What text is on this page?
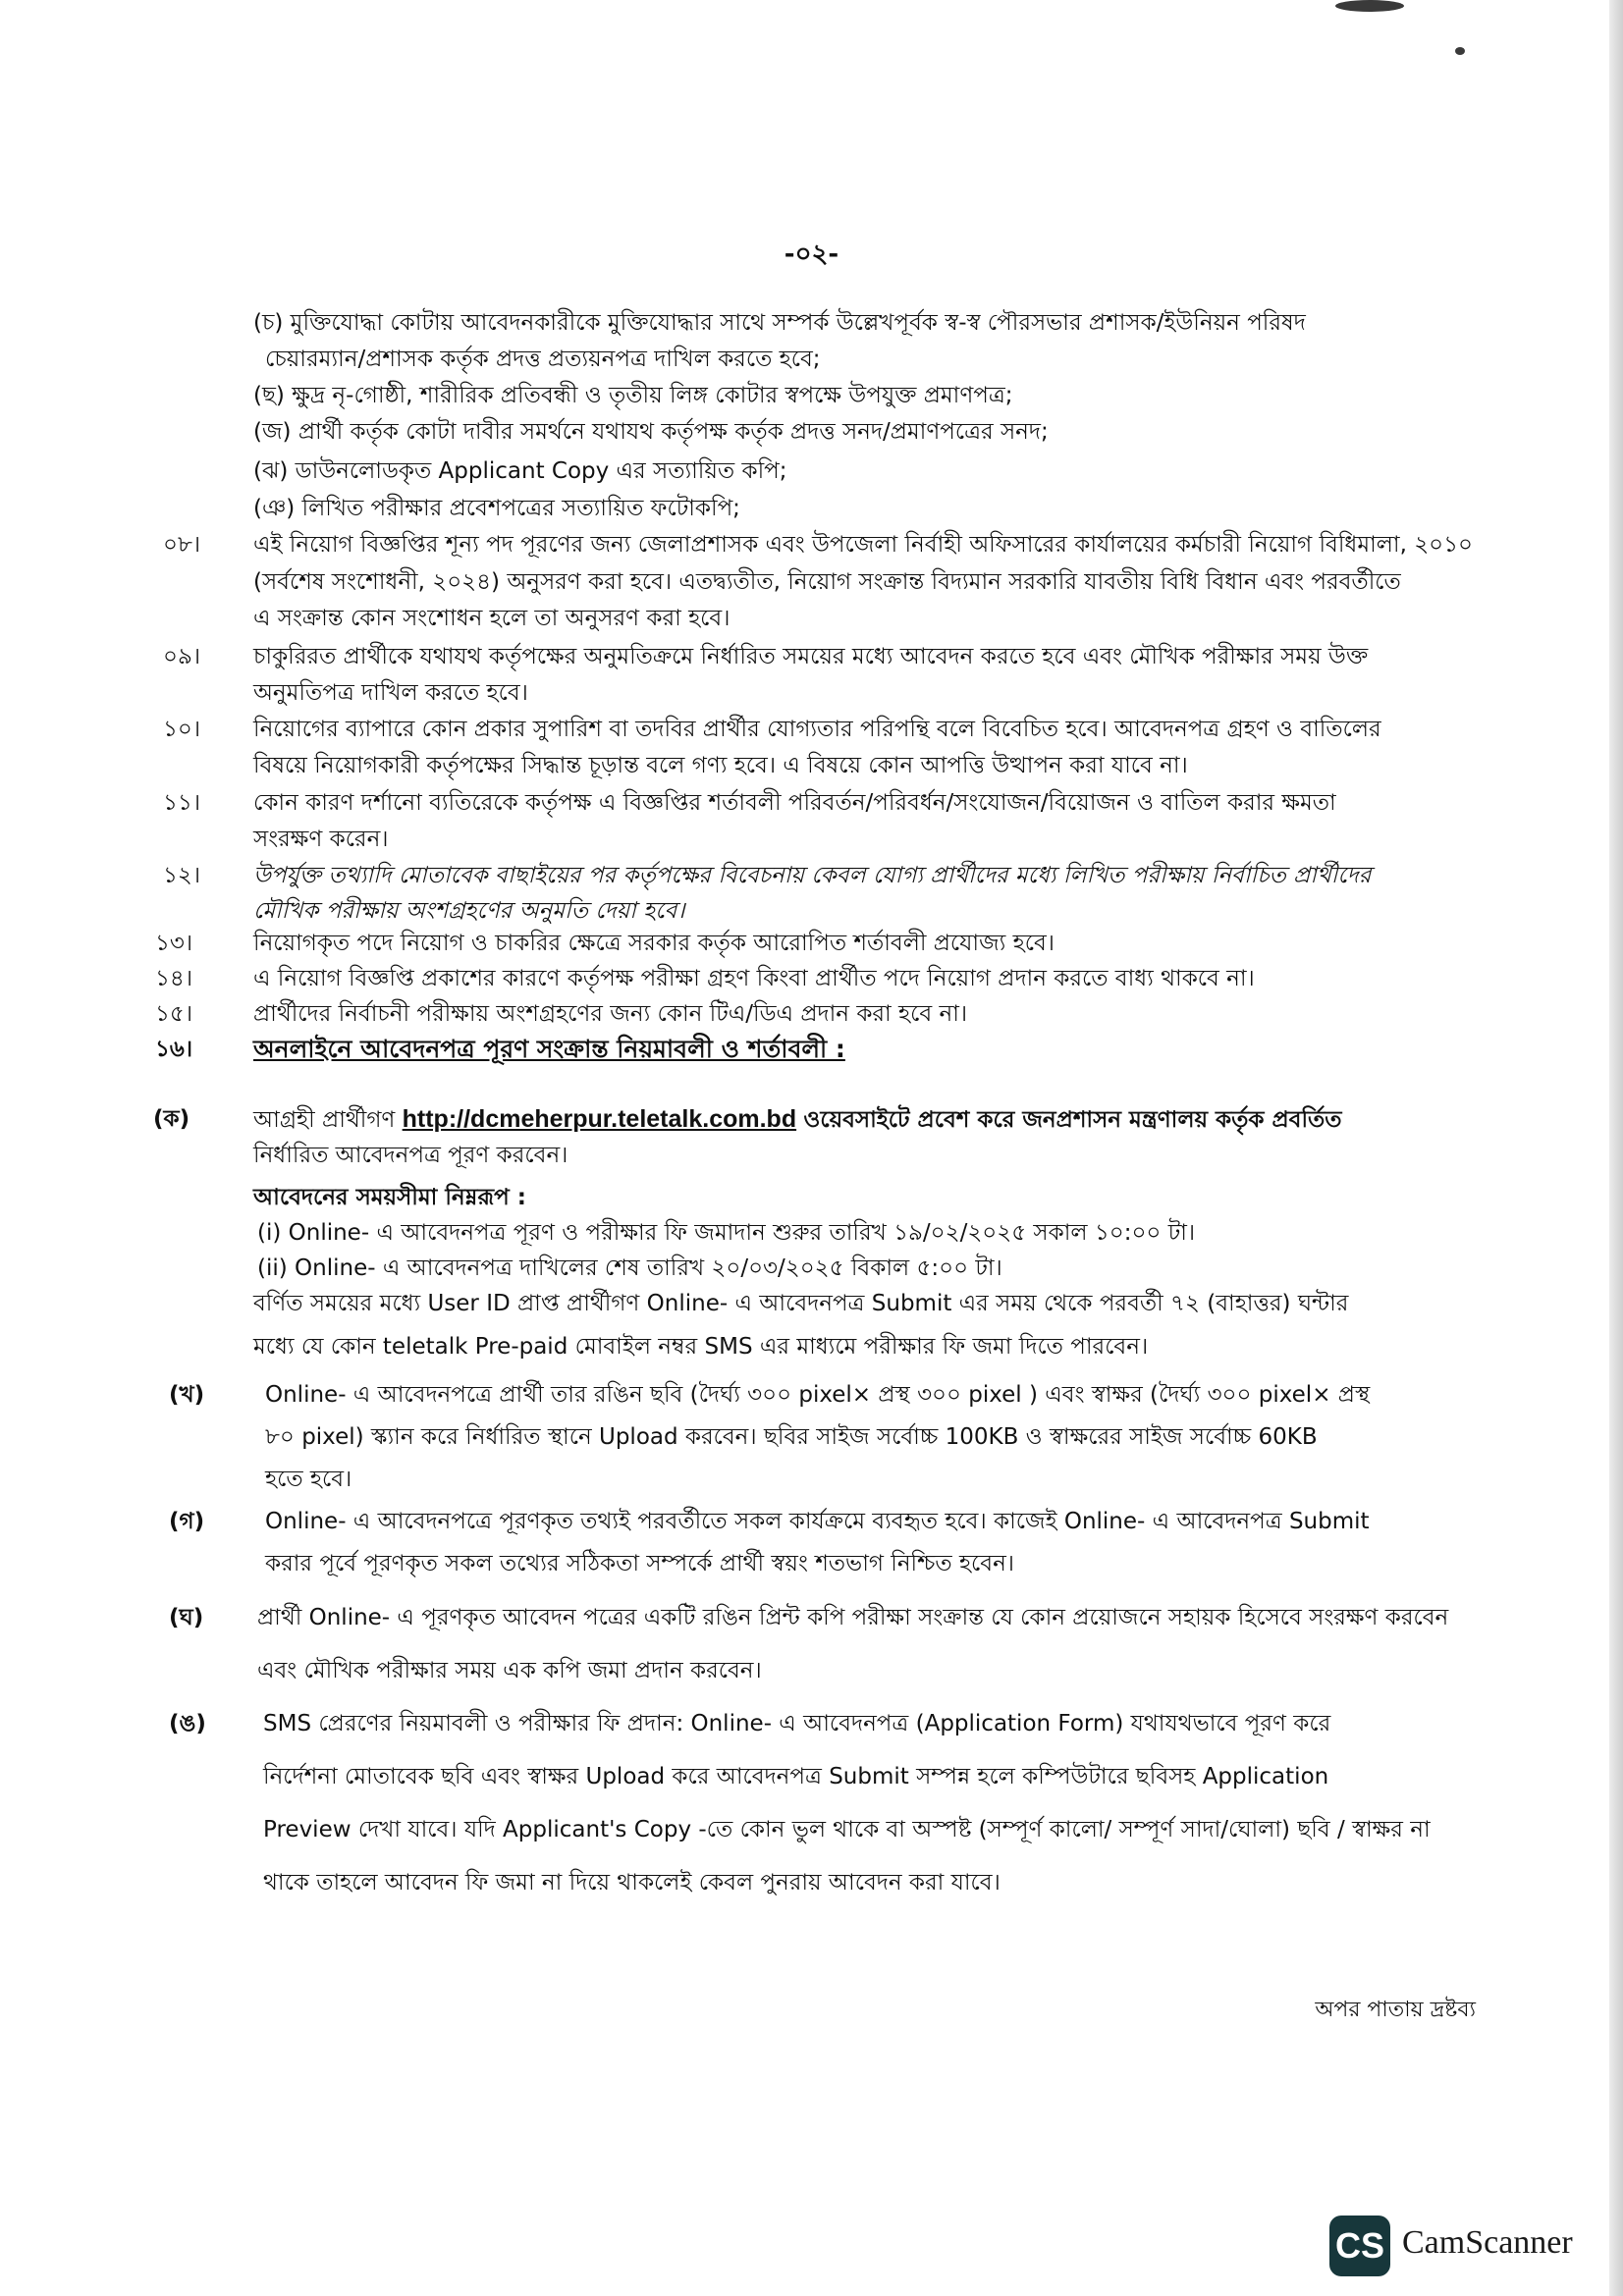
-০২-
(চ) মুক্তিযোদ্ধা কোটায় আবেদনকারীকে মুক্তিযোদ্ধার সাথে সম্পর্ক উল্লেখপূর্বক স্ব-স্ব পৌরসভার প্রশাসক/ইউনিয়ন পরিষদ
চেয়ারম্যান/প্রশাসক কর্তৃক প্রদত্ত প্রত্যয়নপত্র দাখিল করতে হবে;
(ছ) ক্ষুদ্র নৃ-গোষ্ঠী, শারীরিক প্রতিবন্ধী ও তৃতীয় লিঙ্গ কোটার স্বপক্ষে উপযুক্ত প্রমাণপত্র;
(জ) প্রার্থী কর্তৃক কোটা দাবীর সমর্থনে যথাযথ কর্তৃপক্ষ কর্তৃক প্রদত্ত সনদ/প্রমাণপত্রের সনদ;
(ঝ) ডাউনলোডকৃত Applicant Copy এর সত্যায়িত কপি;
(ঞ) লিখিত পরীক্ষার প্রবেশপত্রের সত্যায়িত ফটোকপি;
০৮। এই নিয়োগ বিজ্ঞপ্তির শূন্য পদ পূরণের জন্য জেলাপ্রশাসক এবং উপজেলা নির্বাহী অফিসারের কার্যালয়ের কর্মচারী নিয়োগ বিধিমালা, ২০১০
(সর্বশেষ সংশোধনী, ২০২৪) অনুসরণ করা হবে। এতদ্ব্যতীত, নিয়োগ সংক্রান্ত বিদ্যমান সরকারি যাবতীয় বিধি বিধান এবং পরবর্তীতে
এ সংক্রান্ত কোন সংশোধন হলে তা অনুসরণ করা হবে।
০৯। চাকুরিরত প্রার্থীকে যথাযথ কর্তৃপক্ষের অনুমতিক্রমে নির্ধারিত সময়ের মধ্যে আবেদন করতে হবে এবং মৌখিক পরীক্ষার সময় উক্ত
অনুমতিপত্র দাখিল করতে হবে।
১০। নিয়োগের ব্যাপারে কোন প্রকার সুপারিশ বা তদবির প্রার্থীর যোগ্যতার পরিপন্থি বলে বিবেচিত হবে। আবেদনপত্র গ্রহণ ও বাতিলের
বিষয়ে নিয়োগকারী কর্তৃপক্ষের সিদ্ধান্ত চূড়ান্ত বলে গণ্য হবে। এ বিষয়ে কোন আপত্তি উত্থাপন করা যাবে না।
১১। কোন কারণ দর্শানো ব্যতিরেকে কর্তৃপক্ষ এ বিজ্ঞপ্তির শর্তাবলী পরিবর্তন/পরিবর্ধন/সংযোজন/বিয়োজন ও বাতিল করার ক্ষমতা
সংরক্ষণ করেন।
১২। উপর্যুক্ত তথ্যাদি মোতাবেক বাছাইয়ের পর কর্তৃপক্ষের বিবেচনায় কেবল যোগ্য প্রার্থীদের মধ্যে লিখিত পরীক্ষায় নির্বাচিত প্রার্থীদের
মৌখিক পরীক্ষায় অংশগ্রহণের অনুমতি দেয়া হবে।
১৩।	নিয়োগকৃত পদে নিয়োগ ও চাকরির ক্ষেত্রে সরকার কর্তৃক আরোপিত শর্তাবলী প্রযোজ্য হবে।
১৪।	এ নিয়োগ বিজ্ঞপ্তি প্রকাশের কারণে কর্তৃপক্ষ পরীক্ষা গ্রহণ কিংবা প্রার্থীত পদে নিয়োগ প্রদান করতে বাধ্য থাকবে না।
১৫।	প্রার্থীদের নির্বাচনী পরীক্ষায় অংশগ্রহণের জন্য কোন টিএ/ডিএ প্রদান করা হবে না।
১৬। অনলাইনে আবেদনপত্র পূরণ সংক্রান্ত নিয়মাবলী ও শর্তাবলী :
(ক)	আগ্রহী প্রার্থীগণ http://dcmeherpur.teletalk.com.bd ওয়েবসাইটে প্রবেশ করে জনপ্রশাসন মন্ত্রণালয় কর্তৃক প্রবর্তিত
নির্ধারিত আবেদনপত্র পূরণ করবেন।
আবেদনের সময়সীমা নিম্নরূপ :
(i) Online- এ আবেদনপত্র পূরণ ও পরীক্ষার ফি জমাদান শুরুর তারিখ ১৯/০২/২০২৫ সকাল ১০:০০ টা।
(ii) Online- এ আবেদনপত্র দাখিলের শেষ তারিখ ২০/০৩/২০২৫ বিকাল ৫:০০ টা।
বর্ণিত সময়ের মধ্যে User ID প্রাপ্ত প্রার্থীগণ Online- এ আবেদনপত্র Submit এর সময় থেকে পরবর্তী ৭২ (বাহাত্তর) ঘন্টার
মধ্যে যে কোন teletalk Pre-paid মোবাইল নম্বর SMS এর মাধ্যমে পরীক্ষার ফি জমা দিতে পারবেন।
(খ)	Online- এ আবেদনপত্রে প্রার্থী তার রঙিন ছবি (দৈর্ঘ্য ৩০০ pixel× প্রস্থ ৩০০ pixel ) এবং স্বাক্ষর (দৈর্ঘ্য ৩০০ pixel× প্রস্থ
৮০ pixel) স্ক্যান করে নির্ধারিত স্থানে Upload করবেন। ছবির সাইজ সর্বোচ্চ 100KB ও স্বাক্ষরের সাইজ সর্বোচ্চ 60KB
হতে হবে।
(গ)	Online- এ আবেদনপত্রে পূরণকৃত তথ্যই পরবর্তীতে সকল কার্যক্রমে ব্যবহৃত হবে। কাজেই Online- এ আবেদনপত্র Submit
করার পূর্বে পূরণকৃত সকল তথ্যের সঠিকতা সম্পর্কে প্রার্থী স্বয়ং শতভাগ নিশ্চিত হবেন।
(ঘ) প্রার্থী Online- এ পূরণকৃত আবেদন পত্রের একটি রঙিন প্রিন্ট কপি পরীক্ষা সংক্রান্ত যে কোন প্রয়োজনে সহায়ক হিসেবে সংরক্ষণ করবেন
এবং মৌখিক পরীক্ষার সময় এক কপি জমা প্রদান করবেন।
(ঙ)	SMS প্রেরণের নিয়মাবলী ও পরীক্ষার ফি প্রদান: Online- এ আবেদনপত্র (Application Form) যথাযথভাবে পূরণ করে
নির্দেশনা মোতাবেক ছবি এবং স্বাক্ষর Upload করে আবেদনপত্র Submit সম্পন্ন হলে কম্পিউটারে ছবিসহ Application
Preview দেখা যাবে। যদি Applicant's Copy -তে কোন ভুল থাকে বা অস্পষ্ট (সম্পূর্ণ কালো/ সম্পূর্ণ সাদা/ঘোলা) ছবি / স্বাক্ষর না
থাকে তাহলে আবেদন ফি জমা না দিয়ে থাকলেই কেবল পুনরায় আবেদন করা যাবে।
অপর পাতায় দ্রষ্টব্য
CS CamScanner
